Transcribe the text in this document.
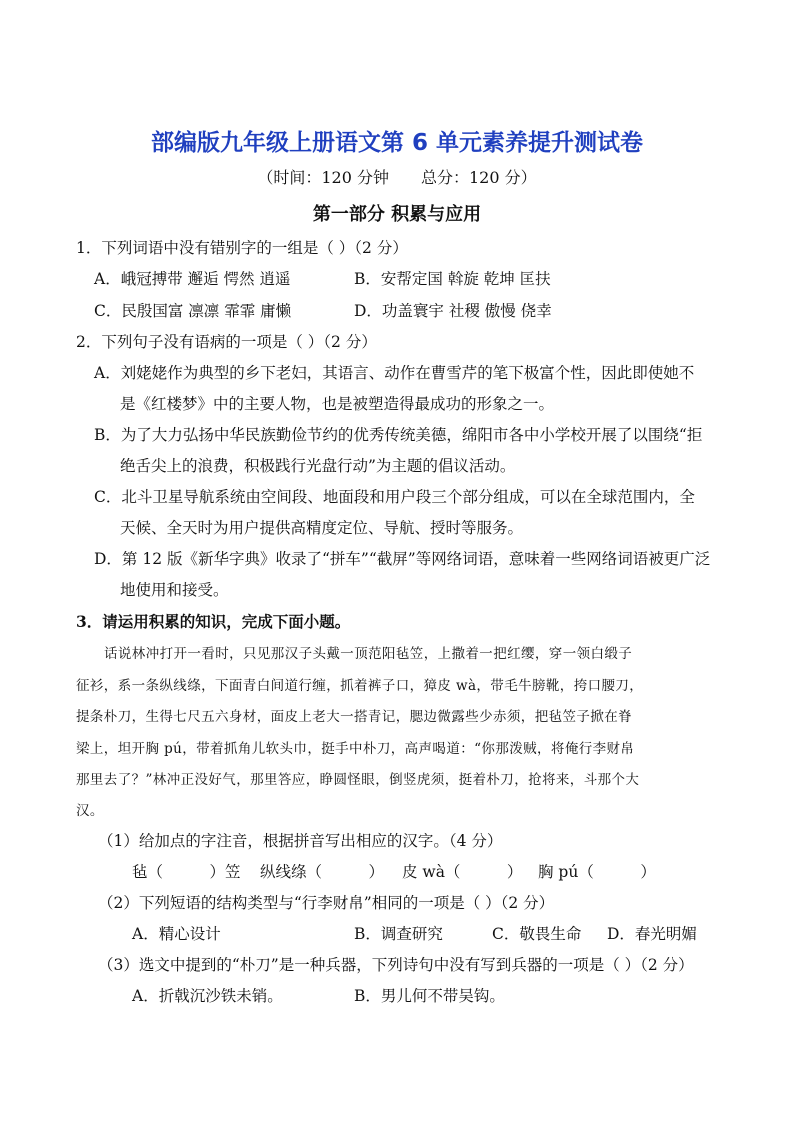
部编版九年级上册语文第 6 单元素养提升测试卷
（时间：120 分钟　　总分：120 分）
第一部分 积累与应用
1．下列词语中没有错别字的一组是（ ）（2 分）
A．峨冠搏带 邂逅 愕然 逍遥	B．安帮定国 斡旋 乾坤 匡扶
C．民殷国富 凛凛 霏霏 庸懒	D．功盖寰宇 社稷 傲慢 侥幸
2．下列句子没有语病的一项是（ ）（2 分）
A．刘姥姥作为典型的乡下老妇，其语言、动作在曹雪芹的笔下极富个性，因此即使她不
是《红楼梦》中的主要人物，也是被塑造得最成功的形象之一。
B．为了大力弘扬中华民族勤俭节约的优秀传统美德，绵阳市各中小学校开展了以围绕“拒
绝舌尖上的浪费，积极践行光盘行动”为主题的倡议活动。
C．北斗卫星导航系统由空间段、地面段和用户段三个部分组成，可以在全球范围内，全
天候、全天时为用户提供高精度定位、导航、授时等服务。
D．第 12 版《新华字典》收录了“拼车”“截屏”等网络词语，意味着一些网络词语被更广泛
地使用和接受。
3．请运用积累的知识，完成下面小题。
话说林冲打开一看时，只见那汉子头戴一顶范阳毡笠，上撒着一把红缨，穿一领白缎子
征衫，系一条纵线绦，下面青白间道行缠，抓着裤子口，獐皮 wà，带毛牛膀靴，挎口腰刀，
提条朴刀，生得七尺五六身材，面皮上老大一搭青记，腮边微露些少赤须，把毡笠子掀在脊
梁上，坦开胸 pú，带着抓角儿软头巾，挺手中朴刀，高声喝道：“你那泼贼，将俺行李财帛
那里去了？”林冲正没好气，那里答应，睁圆怪眼，倒竖虎须，挺着朴刀，抢将来，斗那个大
汉。
（1）给加点的字注音，根据拼音写出相应的汉字。（4 分）
毡（　　　）笠 纵线绦（　　　） 皮 wà（　　　） 胸 pú（　　　）
（2）下列短语的结构类型与“行李财帛”相同的一项是（ ）（2 分）
A．精心设计	B．调查研究	C．敬畏生命 D．春光明媚
（3）选文中提到的“朴刀”是一种兵器，下列诗句中没有写到兵器的一项是（ ）（2 分）
A．折戟沉沙铁未销。	B．男儿何不带吴钩。
